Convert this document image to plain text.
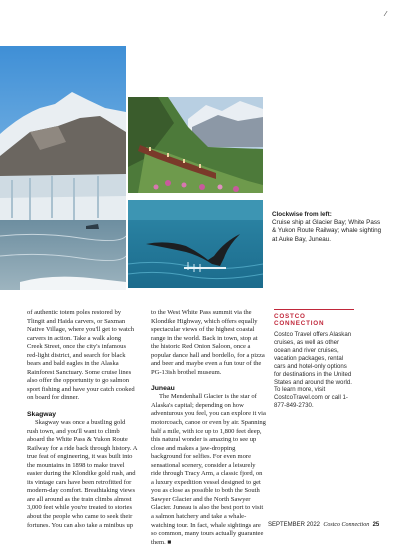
⁄
Clockwise from left:
Cruise ship at Glacier Bay; White Pass & Yukon Route Railway; whale sighting at Auke Bay, Juneau.

of authentic totem poles restored by Tlingit and Haida carvers, or Saxman Native Village, where you'll get to watch carvers in action. Take a walk along Creek Street, once the city's infamous red-light district, and search for black bears and bald eagles in the Alaska Rainforest Sanctuary. Some cruise lines also offer the opportunity to go salmon sport fishing and have your catch cooked on board for dinner.

Skagway

Skagway was once a bustling gold rush town, and you'll want to climb aboard the White Pass & Yukon Route Railway for a ride back through history. A true feat of engineering, it was built into the mountains in 1898 to make travel easier during the Klondike gold rush, and its vintage cars have been retrofitted for modern-day comfort. Breathtaking views are all around as the train climbs almost 3,000 feet while you're treated to stories about the people who came to seek their fortunes. You can also take a minibus up

to the West White Pass summit via the Klondike Highway, which offers equally spectacular views of the highest coastal range in the world. Back in town, stop at the historic Red Onion Saloon, once a popular dance hall and bordello, for a pizza and beer and maybe even a fun tour of the PG-13ish brothel museum.

Juneau

The Mendenhall Glacier is the star of Alaska's capital; depending on how adventurous you feel, you can explore it via motorcoach, canoe or even by air. Spanning half a mile, with ice up to 1,800 feet deep, this natural wonder is amazing to see up close and makes a jaw-dropping background for selfies. For even more sensational scenery, consider a leisurely ride through Tracy Arm, a classic fjord, on a luxury expedition vessel designed to get you as close as possible to both the South Sawyer Glacier and the North Sawyer Glacier. Juneau is also the best port to visit a salmon hatchery and take a whale-watching tour. In fact, whale sightings are so common, many tours actually guarantee them. ■

COSTCO
CONNECTION
Costco Travel offers Alaskan cruises, as well as other ocean and river cruises, vacation packages, rental cars and hotel-only options for destinations in the United States and around the world. To learn more, visit CostcoTravel.com or call 1-877-849-2730.
SEPTEMBER 2022 Costco Connection 25
